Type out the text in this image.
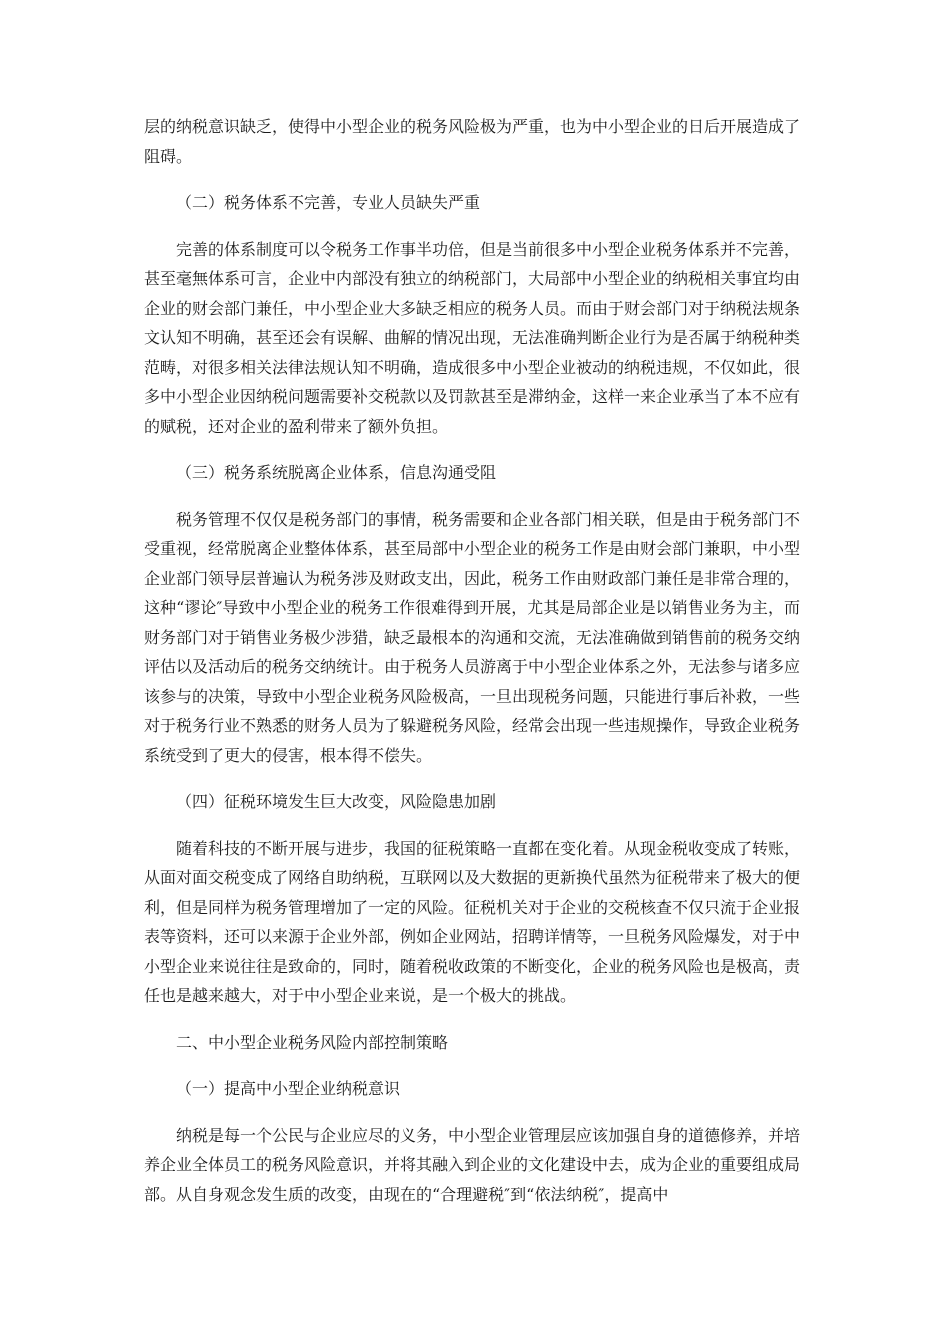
层的纳税意识缺乏，使得中小型企业的税务风险极为严重，也为中小型企业的日后开展造成了阻碍。

（二）税务体系不完善，专业人员缺失严重

完善的体系制度可以令税务工作事半功倍，但是当前很多中小型企业税务体系并不完善，甚至毫無体系可言，企业中内部没有独立的纳税部门，大局部中小型企业的纳税相关事宜均由企业的财会部门兼任，中小型企业大多缺乏相应的税务人员。而由于财会部门对于纳税法规条文认知不明确，甚至还会有误解、曲解的情况出现，无法准确判断企业行为是否属于纳税种类范畴，对很多相关法律法规认知不明确，造成很多中小型企业被动的纳税违规，不仅如此，很多中小型企业因纳税问题需要补交税款以及罚款甚至是滞纳金，这样一来企业承当了本不应有的赋税，还对企业的盈利带来了额外负担。

（三）税务系统脱离企业体系，信息沟通受阻

税务管理不仅仅是税务部门的事情，税务需要和企业各部门相关联，但是由于税务部门不受重视，经常脱离企业整体体系，甚至局部中小型企业的税务工作是由财会部门兼职，中小型企业部门领导层普遍认为税务涉及财政支出，因此，税务工作由财政部门兼任是非常合理的，这种“谬论″导致中小型企业的税务工作很难得到开展，尤其是局部企业是以销售业务为主，而财务部门对于销售业务极少涉猎，缺乏最根本的沟通和交流，无法准确做到销售前的税务交纳评估以及活动后的税务交纳统计。由于税务人员游离于中小型企业体系之外，无法参与诸多应该参与的决策，导致中小型企业税务风险极高，一旦出现税务问题，只能进行事后补救，一些对于税务行业不熟悉的财务人员为了躲避税务风险，经常会出现一些违规操作，导致企业税务系统受到了更大的侵害，根本得不偿失。

（四）征税环境发生巨大改变，风险隐患加剧

随着科技的不断开展与进步，我国的征税策略一直都在变化着。从现金税收变成了转账，从面对面交税变成了网络自助纳税，互联网以及大数据的更新换代虽然为征税带来了极大的便利，但是同样为税务管理增加了一定的风险。征税机关对于企业的交税核查不仅只流于企业报表等资料，还可以来源于企业外部，例如企业网站，招聘详情等，一旦税务风险爆发，对于中小型企业来说往往是致命的，同时，随着税收政策的不断变化，企业的税务风险也是极高，责任也是越来越大，对于中小型企业来说，是一个极大的挑战。

二、中小型企业税务风险内部控制策略

（一）提高中小型企业纳税意识

纳税是每一个公民与企业应尽的义务，中小型企业管理层应该加强自身的道德修养，并培养企业全体员工的税务风险意识，并将其融入到企业的文化建设中去，成为企业的重要组成局部。从自身观念发生质的改变，由现在的“合理避税″到“依法纳税″，提高中
